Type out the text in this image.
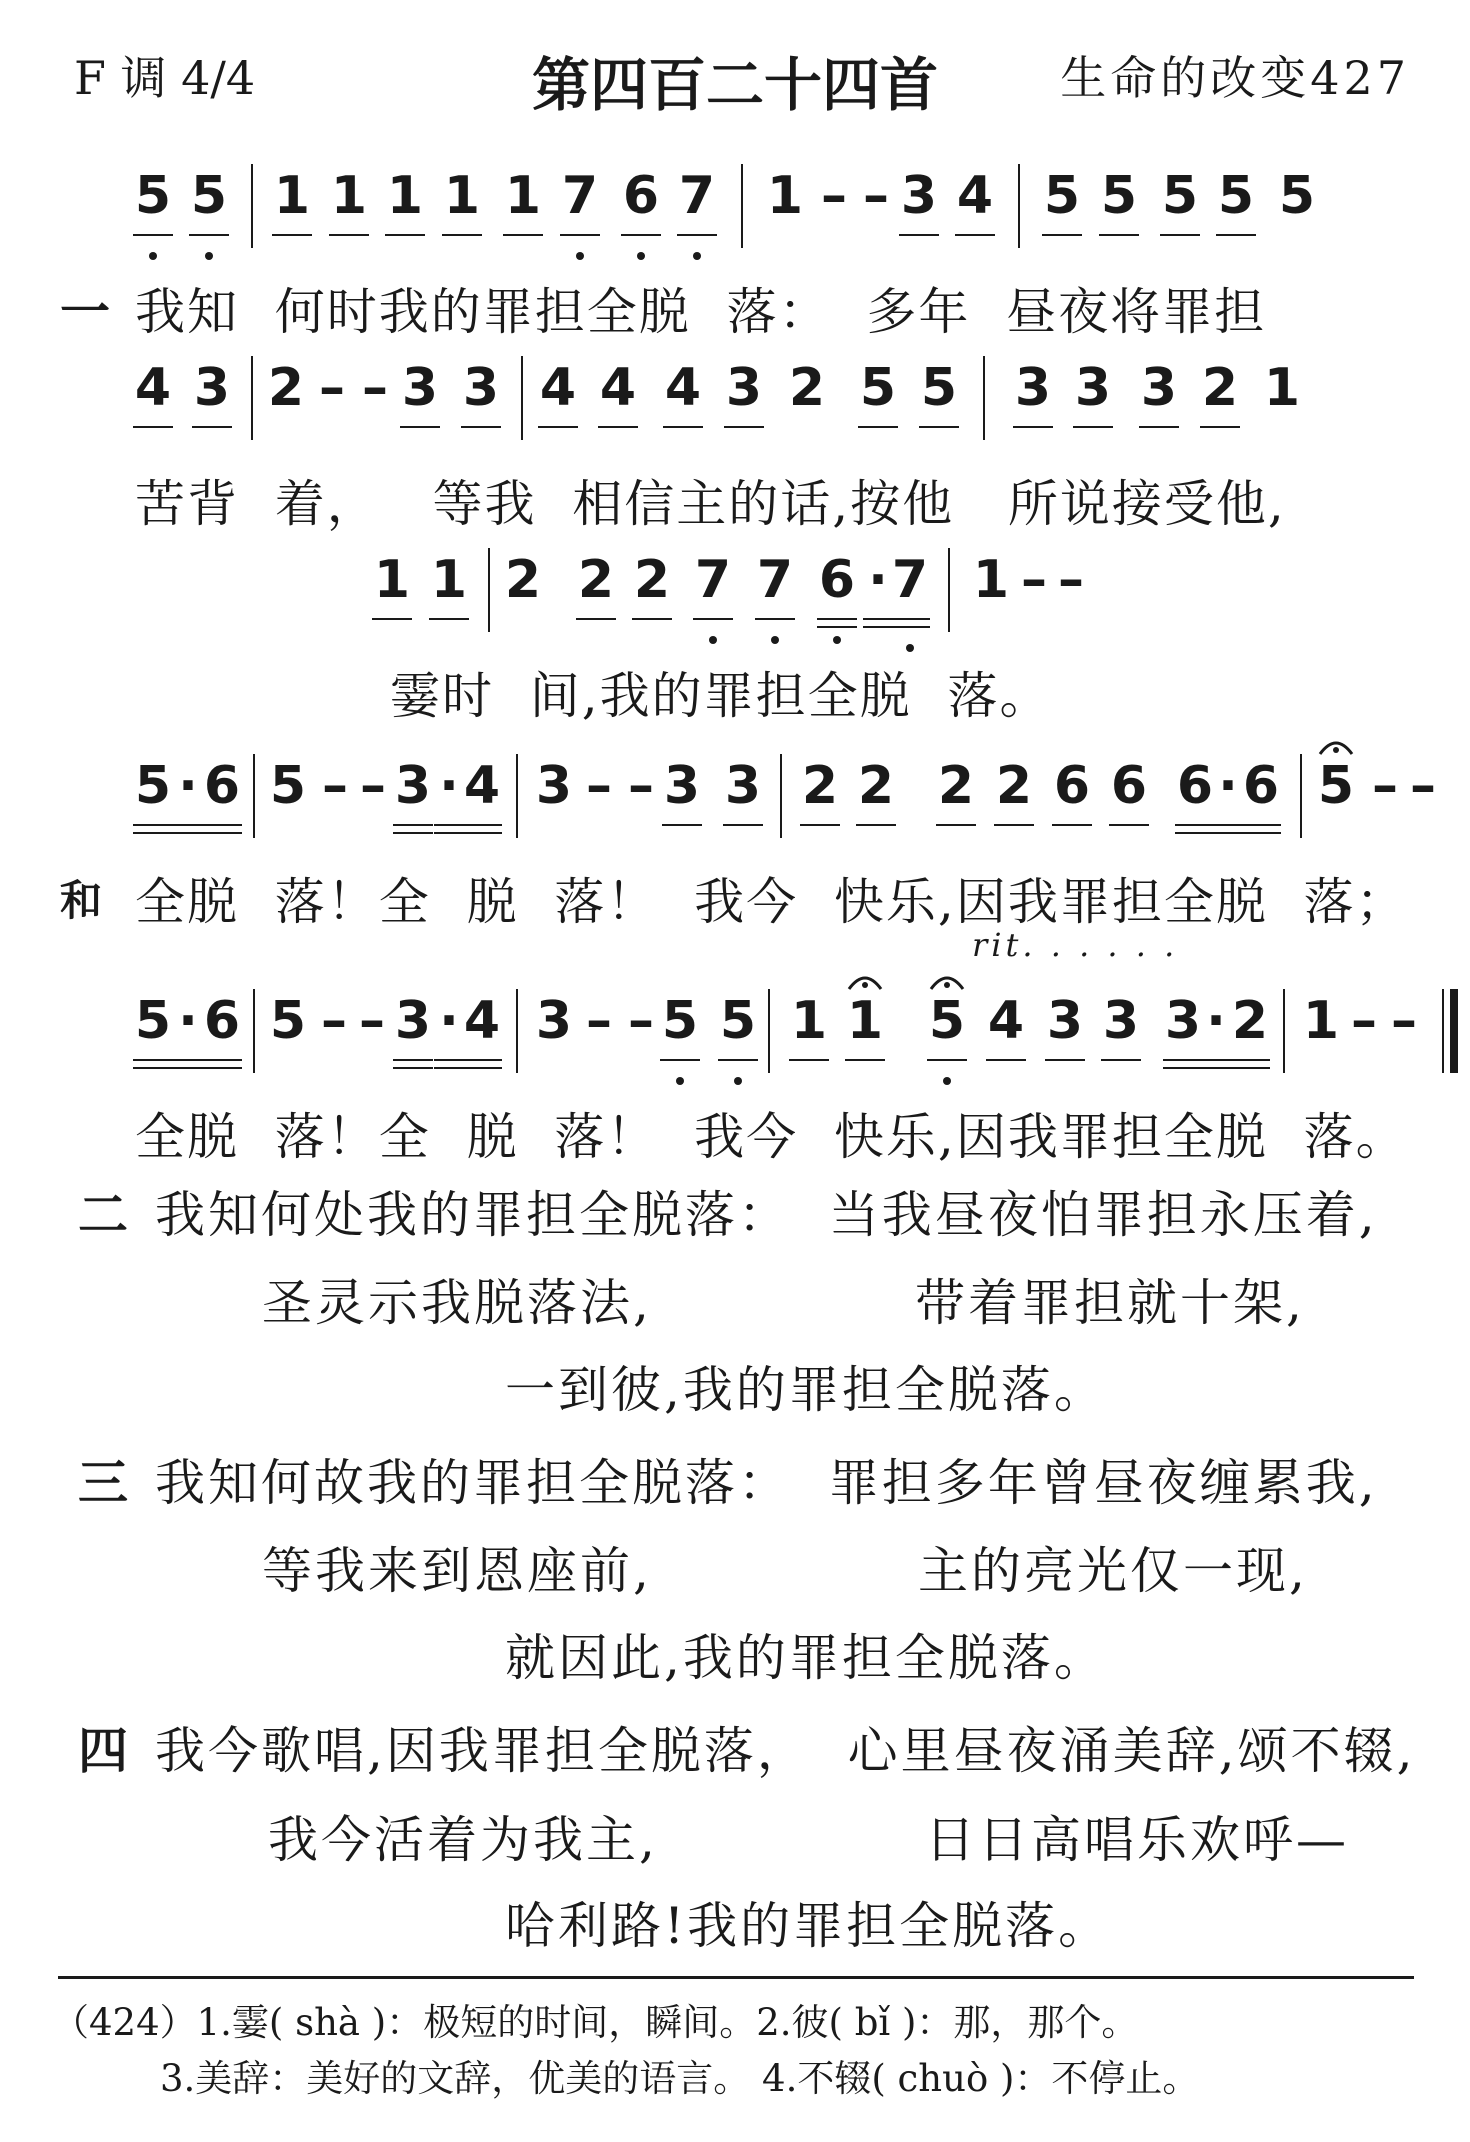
F 调 4/4	第四百二十四首	生命的改变427
5 5 1 1 1 1 1 7 6 7 1 – – 3 4 5 5 5 5 5
一 我知  何时我的罪担全脱  落：  多年  昼夜将罪担
4 3 2 – – 3 3 4 4 4 3 2 5 5 3 3 3 2 1
苦背  着，   等我  相信主的话,按他   所说接受他,
1 1 2 2 2 7 7 6 · 7 1 – –
霎时  间,我的罪担全脱  落。
5 · 6 5 – – 3 · 4 3 – – 3 3 2 2 2 2 6 6 6 · 6 5 – –
和 全脱  落！全  脱  落！  我今  快乐,因我罪担全脱  落；
rit. . . . . .
5 · 6 5 – – 3 · 4 3 – – 5 5 1 1 5 4 3 3 3 · 2 1 – –
全脱  落！全  脱  落！  我今  快乐,因我罪担全脱  落。
二 我知何处我的罪担全脱落：  当我昼夜怕罪担永压着,
圣灵示我脱落法,	带着罪担就十架,
一到彼,我的罪担全脱落。
三 我知何故我的罪担全脱落：  罪担多年曾昼夜缠累我,
等我来到恩座前,	主的亮光仅一现,
就因此,我的罪担全脱落。
四 我今歌唱,因我罪担全脱落，  心里昼夜涌美辞,颂不辍,
我今活着为我主,	日日高唱乐欢呼—
哈利路!我的罪担全脱落。
（424）1.霎( shà )：极短的时间，瞬间。2.彼( bǐ )：那，那个。
3.美辞：美好的文辞，优美的语言。 4.不辍( chuò )：不停止。
